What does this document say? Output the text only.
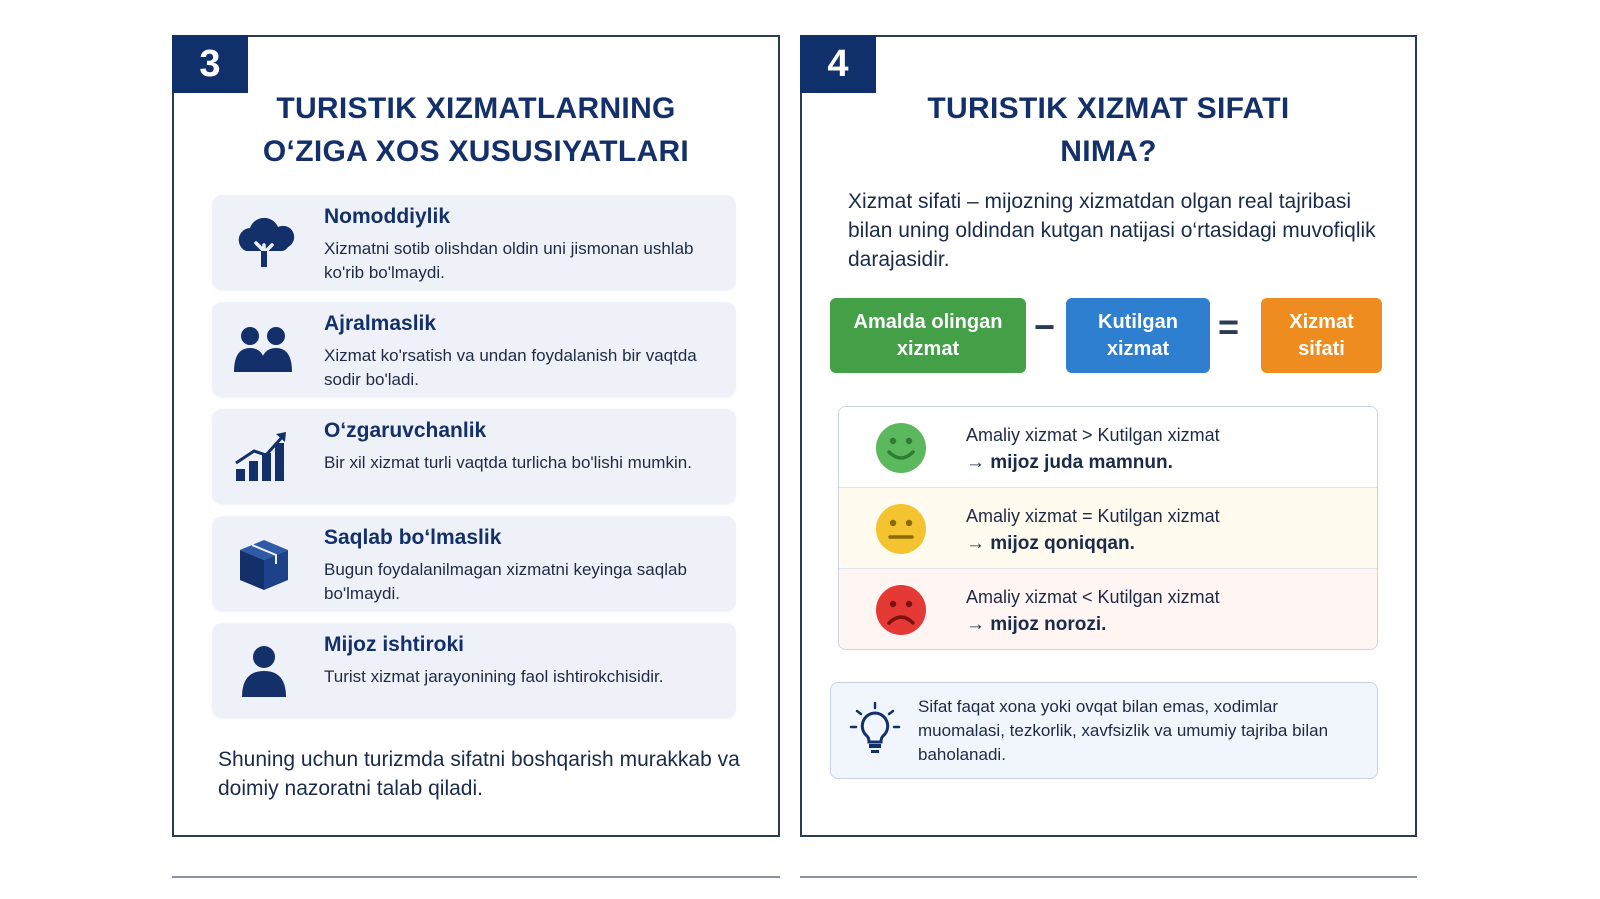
3
TURISTIK XIZMATLARNING
O‘ZIGA XOS XUSUSIYATLARI
Nomoddiylik
Xizmatni sotib olishdan oldin uni jismonan ushlab ko'rib bo'lmaydi.
Ajralmaslik
Xizmat ko'rsatish va undan foydalanish bir vaqtda sodir bo'ladi.
O‘zgaruvchanlik
Bir xil xizmat turli vaqtda turlicha bo'lishi mumkin.
Saqlab bo‘lmaslik
Bugun foydalanilmagan xizmatni keyinga saqlab bo'lmaydi.
Mijoz ishtiroki
Turist xizmat jarayonining faol ishtirokchisidir.
Shuning uchun turizmda sifatni boshqarish murakkab va doimiy nazoratni talab qiladi.
4
TURISTIK XIZMAT SIFATI
NIMA?
Xizmat sifati – mijozning xizmatdan olgan real tajribasi bilan uning oldindan kutgan natijasi o‘rtasidagi muvofiqlik darajasidir.
Amalda olingan
xizmat
− Kutilgan
xizmat
=	Xizmat
sifati
Amaliy xizmat > Kutilgan xizmat
→ mijoz juda mamnun.
Amaliy xizmat = Kutilgan xizmat
→ mijoz qoniqqan.
Amaliy xizmat < Kutilgan xizmat
→ mijoz norozi.
Sifat faqat xona yoki ovqat bilan emas, xodimlar muomalasi, tezkorlik, xavfsizlik va umumiy tajriba bilan baholanadi.
